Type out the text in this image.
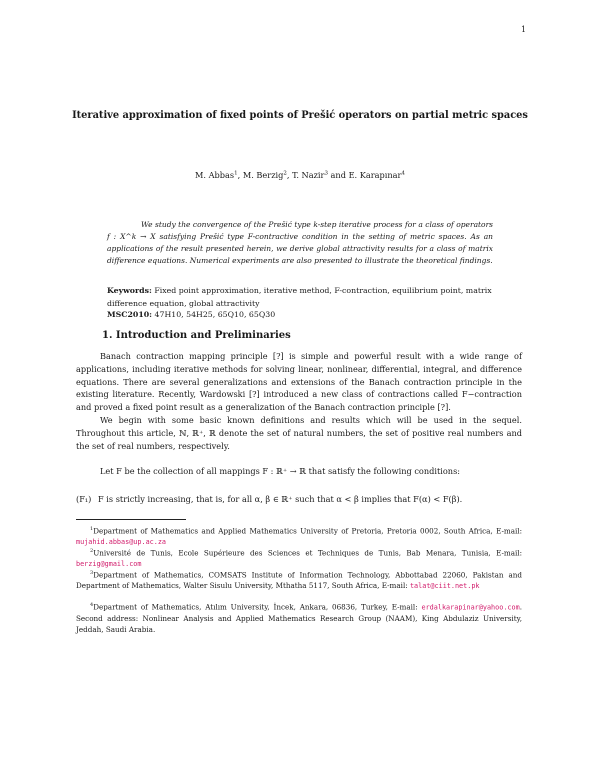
1
Iterative approximation of fixed points of Prešić operators on partial metric spaces
M. Abbas$^1$, M. Berzig$^2$, T. Nazir$^3$ and E. Karapınar$^4$

We study the convergence of the Prešić type k-step iterative process for a class of operators f : X^k → X satisfying Prešić type F-contractive condition in the setting of metric spaces. As an applications of the result presented herein, we derive global attractivity results for a class of matrix difference equations. Numerical experiments are also presented to illustrate the theoretical findings.

Keywords: Fixed point approximation, iterative method, F-contraction, equilibrium point, matrix difference equation, global attractivity

MSC2010: 47H10, 54H25, 65Q10, 65Q30

1. Introduction and Preliminaries

Banach contraction mapping principle [?] is simple and powerful result with a wide range of applications, including iterative methods for solving linear, nonlinear, differential, integral, and difference equations. There are several generalizations and extensions of the Banach contraction principle in the existing literature. Recently, Wardowski [?] introduced a new class of contractions called F−contraction and proved a fixed point result as a generalization of the Banach contraction principle [?].

We begin with some basic known definitions and results which will be used in the sequel. Throughout this article, ℕ, ℝ⁺, ℝ denote the set of natural numbers, the set of positive real numbers and the set of real numbers, respectively.

Let F be the collection of all mappings F : ℝ⁺ → ℝ that satisfy the following conditions:

(F₁) F is strictly increasing, that is, for all α, β ∈ ℝ⁺ such that α < β implies that F(α) < F(β).

$^1$Department of Mathematics and Applied Mathematics University of Pretoria, Pretoria 0002, South Africa, E-mail: mujahid.abbas@up.ac.za

$^2$Université de Tunis, Ecole Supérieure des Sciences et Techniques de Tunis, Bab Menara, Tunisia, E-mail: berzig@gmail.com

$^3$Department of Mathematics, COMSATS Institute of Information Technology, Abbottabad 22060, Pakistan and Department of Mathematics, Walter Sisulu University, Mthatha 5117, South Africa, E-mail: talat@ciit.net.pk

$^4$Department of Mathematics, Atılım University, İncek, Ankara, 06836, Turkey, E-mail: erdalkarapinar@yahoo.com. Second address: Nonlinear Analysis and Applied Mathematics Research Group (NAAM), King Abdulaziz University, Jeddah, Saudi Arabia.
